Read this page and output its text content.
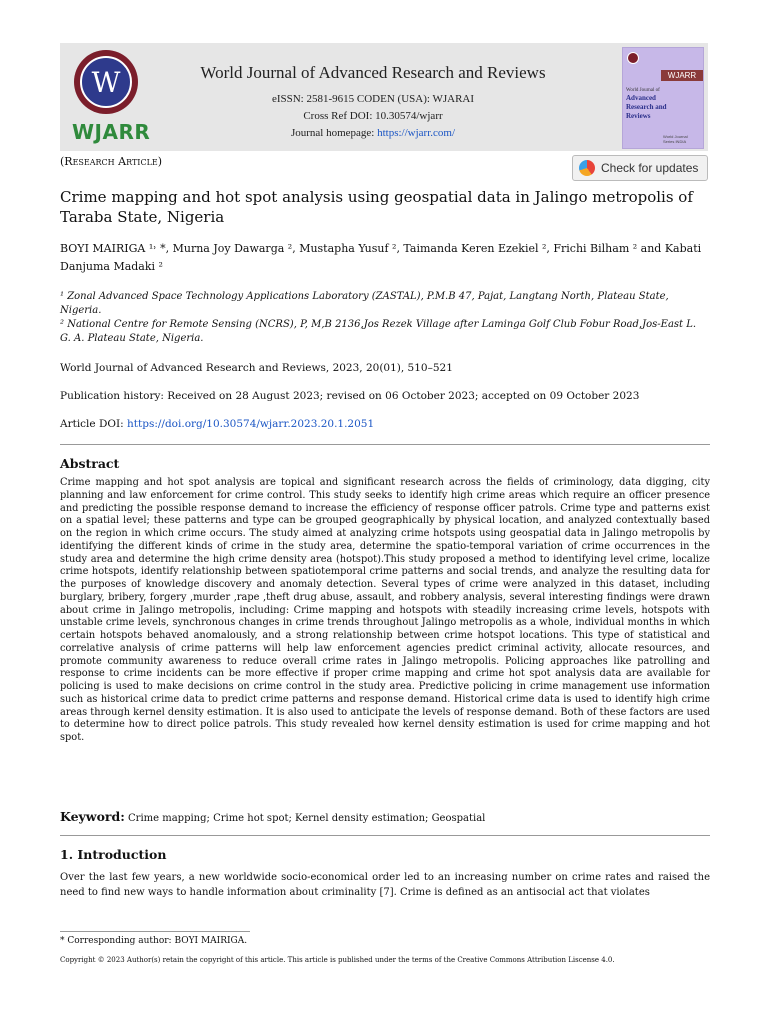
W
WJARR
World Journal of Advanced Research and Reviews
eISSN: 2581-9615 CODEN (USA): WJARAI
Cross Ref DOI: 10.30574/wjarr
Journal homepage: https://wjarr.com/
WJARR
World Journal of
Advanced
Research and
Reviews
World Journal Series INDIA
(Research Article)	Check for updates
Crime mapping and hot spot analysis using geospatial data in Jalingo metropolis of Taraba State, Nigeria
BOYI MAIRIGA ¹˒ *, Murna Joy Dawarga ², Mustapha Yusuf ², Taimanda Keren Ezekiel ², Frichi Bilham ² and Kabati Danjuma Madaki ²
¹ Zonal Advanced Space Technology Applications Laboratory (ZASTAL), P.M.B 47, Pajat, Langtang North, Plateau State, Nigeria.
² National Centre for Remote Sensing (NCRS), P, M,B 2136,Jos Rezek Village after Laminga Golf Club Fobur Road,Jos-East L. G. A. Plateau State, Nigeria.
World Journal of Advanced Research and Reviews, 2023, 20(01), 510–521
Publication history: Received on 28 August 2023; revised on 06 October 2023; accepted on 09 October 2023
Article DOI: https://doi.org/10.30574/wjarr.2023.20.1.2051
Abstract
Crime mapping and hot spot analysis are topical and significant research across the fields of criminology, data digging, city planning and law enforcement for crime control. This study seeks to identify high crime areas which require an officer presence and predicting the possible response demand to increase the efficiency of response officer patrols. Crime type and patterns exist on a spatial level; these patterns and type can be grouped geographically by physical location, and analyzed contextually based on the region in which crime occurs. The study aimed at analyzing crime hotspots using geospatial data in Jalingo metropolis by identifying the different kinds of crime in the study area, determine the spatio-temporal variation of crime occurrences in the study area and determine the high crime density area (hotspot).This study proposed a method to identifying level crime, localize crime hotspots, identify relationship between spatiotemporal crime patterns and social trends, and analyze the resulting data for the purposes of knowledge discovery and anomaly detection. Several types of crime were analyzed in this dataset, including burglary, bribery, forgery ,murder ,rape ,theft drug abuse, assault, and robbery analysis, several interesting findings were drawn about crime in Jalingo metropolis, including: Crime mapping and hotspots with steadily increasing crime levels, hotspots with unstable crime levels, synchronous changes in crime trends throughout Jalingo metropolis as a whole, individual months in which certain hotspots behaved anomalously, and a strong relationship between crime hotspot locations. This type of statistical and correlative analysis of crime patterns will help law enforcement agencies predict criminal activity, allocate resources, and promote community awareness to reduce overall crime rates in Jalingo metropolis. Policing approaches like patrolling and response to crime incidents can be more effective if proper crime mapping and crime hot spot analysis data are available for policing is used to make decisions on crime control in the study area. Predictive policing in crime management use information such as historical crime data to predict crime patterns and response demand. Historical crime data is used to identify high crime areas through kernel density estimation. It is also used to anticipate the levels of response demand. Both of these factors are used to determine how to direct police patrols. This study revealed how kernel density estimation is used for crime mapping and hot spot.
Keyword: Crime mapping; Crime hot spot; Kernel density estimation; Geospatial
1. Introduction
Over the last few years, a new worldwide socio-economical order led to an increasing number on crime rates and raised the need to find new ways to handle information about criminality [7]. Crime is defined as an antisocial act that violates
* Corresponding author: BOYI MAIRIGA.
Copyright © 2023 Author(s) retain the copyright of this article. This article is published under the terms of the Creative Commons Attribution Liscense 4.0.
